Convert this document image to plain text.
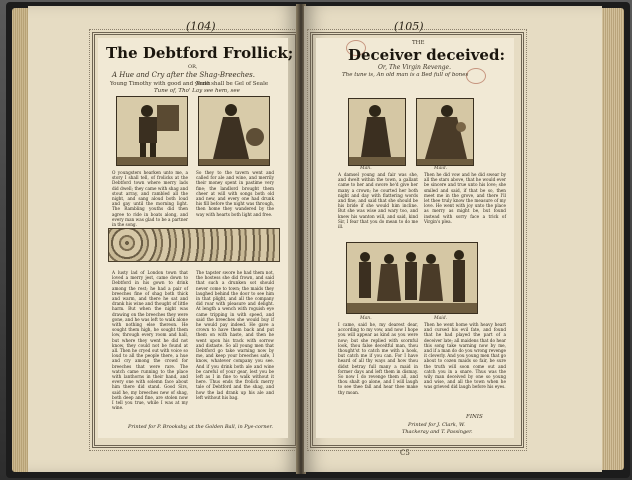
(104)
The Debtford Frollick;
OR,
A Hue and Cry after the Shag-Breeches.
Young Timothy with good and youth
Tone shall be Gel of Seale
Tune of, Tho' Lay see hem, see
O youngsters hearken unto me, a story I shall tell, of frolicks at the Debtford town where merry lads did dwell; they came with shag and stout array, and rambled all the night, and sang aloud both loud and gay until the morning light. The Rambling youths did then agree to ride in boats along, and every man was glad to be a partner in the song.
So they to the tavern went and called for ale and wine, and merrily their money spent in pastime very fine; the landlord brought them cheer at will with songs both old and new, and every one had drunk his fill before the night was through, then home they wandered by the way with hearts both light and free.
A lusty lad of London town that loved a merry jest, came down to Debtford in his gown to drink among the rest; he had a pair of breeches fine of shag both thick and warm, and there he sat and drank his wine and thought of little harm. But when the night was drawing on the breeches they were gone, and he was left to walk alone with nothing else thereon. He sought them high, he sought them low, through every room and hall, but where they went he did not know, they could not be found at all. Then he cryed out with voice so loud to all the people there, a hue and cry among the crowd for breeches that were rare. The watch came running to the place with lanthorns in their hand, and every one with solemn face about him there did stand. Good Sirs, said he, my breeches new of shag, both deep and fine, are stolen now I tell you true, while I was at my wine.
The tapster swore he had them not, the hostess she did frown, and said that such a drunken sot should never come to town; the maids they laughed behind the door to see him in that plight, and all the company did roar with pleasure and delight. At length a wench with roguish eye came tripping in with speed, and said the breeches she would buy if he would pay indeed. He gave a crown to have them back and put them on with haste, and then he went upon his track with sorrow and distaste. So all young men that Debtford go take warning now by me, and keep your breeches safe, I know, whatever company you see. And if you drink both ale and wine be careful of your gear, lest you be left as I in fine to walk without it here. Thus ends the frolick merry tale of Debtford and the shag, and how the lad drank up his ale and left without his bag.
Printed for P. Brooksby, at the Golden Ball, in Pye-corner.
(105)
THE
Deceiver deceived:
Or, The Virgin Revenge.
The tune is, An old man is a Bed full of bones
Man.	Maid.
A damsel young and fair was she, and dwelt within the town, a gallant came to her and swore he'd give her many a crown; he courted her both night and day with flattering words and fine, and said that she should be his bride if she would him incline. But she was wise and wary too, and knew his wanton will, and said, kind Sir, I fear that you do mean to do me ill.
Then he did vow and he did swear by all the stars above, that he would ever be sincere and true unto his love; she smiled and said, if that be so, then meet me in the grove, and there I'll let thee truly know the measure of my love. He went with joy unto the place as merry as might be, but found instead with sorry face a trick of Virgin's plea.
Man.	Maid.
I came, said he, my dearest dear, according to my vow, and now I hope you will appear as kind as you were now; but she replied with scornful look, thou false deceitful man, thou thought'st to catch me with a hook, but catch me if you can. For I have heard of all thy ways and how thou didst betray full many a maid in former days and left them in dismay. So now I do revenge them all, and thou shalt go alone, and I will laugh to see thee fall and hear thee make thy moan.
Then he went home with heavy heart and cursed his evil fate, and found that he had played the part of a deceiver late; all maidens that do hear this song take warning now by me, and if a man do do you wrong revenge it cleverly. And you young men that go about to cozen maids so fair, be sure the truth will soon come out and catch you in a snare. Thus was the wily man deceived by one so young and wise, and all the town when he was grieved did laugh before his eyes.
FINIS
Printed for J. Clark, W.
Thackeray and T. Passinger.
C5
